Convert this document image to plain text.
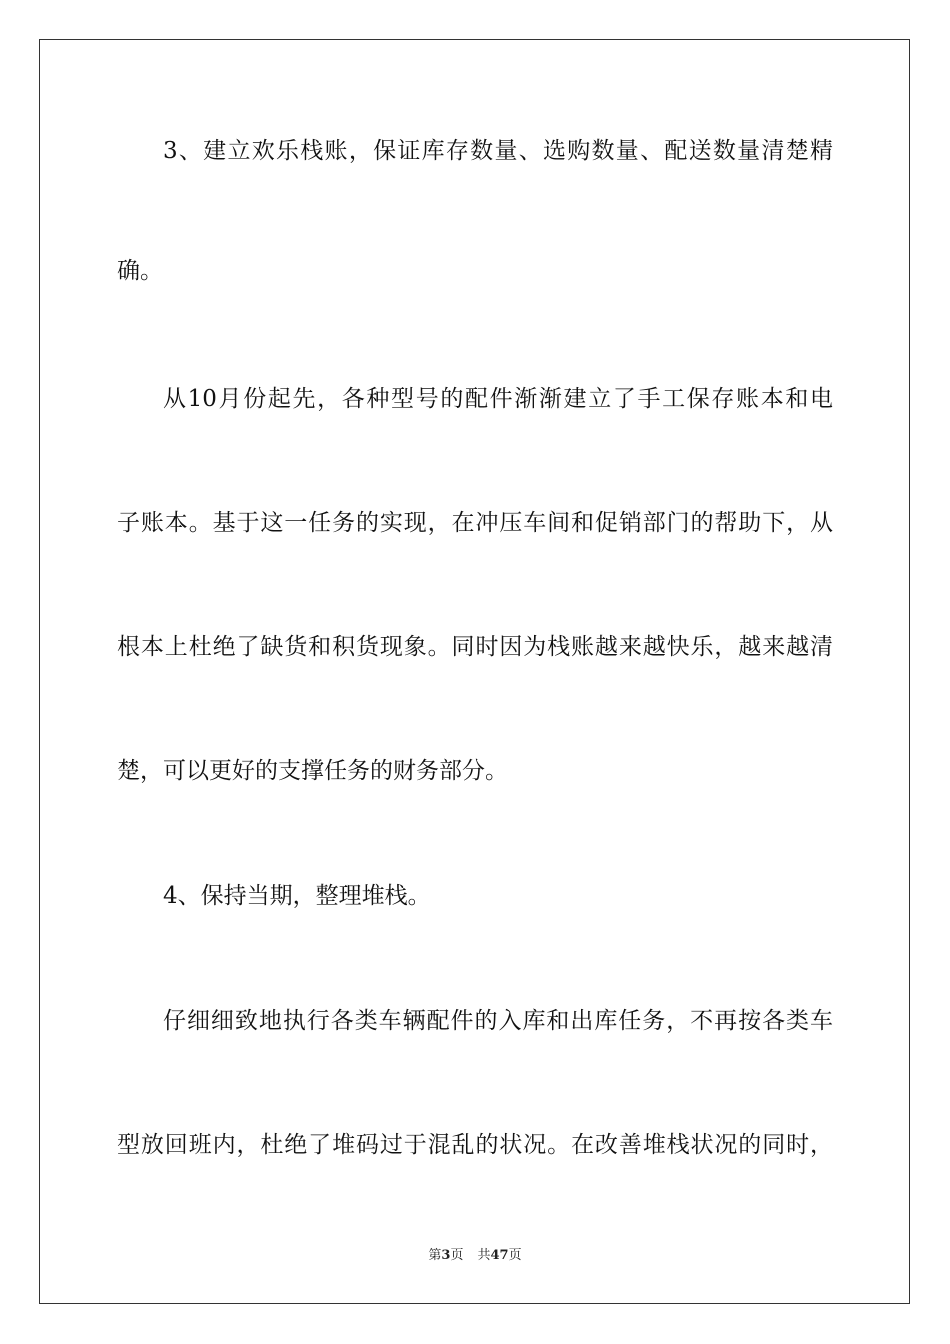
3、建立欢乐栈账，保证库存数量、选购数量、配送数量清楚精
确。
从10月份起先，各种型号的配件渐渐建立了手工保存账本和电
子账本。基于这一任务的实现，在冲压车间和促销部门的帮助下，从
根本上杜绝了缺货和积货现象。同时因为栈账越来越快乐，越来越清
楚，可以更好的支撑任务的财务部分。
4、保持当期，整理堆栈。
仔细细致地执行各类车辆配件的入库和出库任务，不再按各类车
型放回班内，杜绝了堆码过于混乱的状况。在改善堆栈状况的同时，
第3页 共47页
